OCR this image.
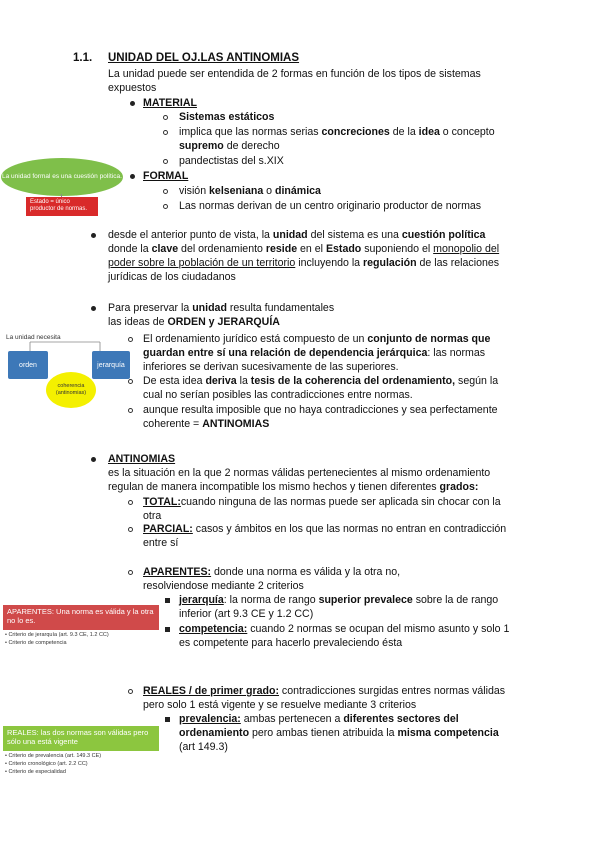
1.1. UNIDAD DEL OJ.LAS ANTINOMIAS
La unidad puede ser entendida de 2 formas en función de los tipos de sistemas
expuestos
MATERIAL
Sistemas estáticos
implica que las normas serias concreciones de la idea o concepto
supremo de derecho
pandectistas del s.XIX
FORMAL
visión kelseniana o dinámica
Las normas derivan de un centro originario productor de normas
La unidad formal es una cuestión política.
Estado = único productor de normas.
desde el anterior punto de vista, la unidad del sistema es una cuestión política
donde la clave del ordenamiento reside en el Estado suponiendo el monopolio del
poder sobre la población de un territorio incluyendo la regulación de las relaciones
jurídicas de los ciudadanos
Para preservar la unidad resulta fundamentales
las ideas de ORDEN y JERARQUÍA
El ordenamiento jurídico está compuesto de un conjunto de normas que
guardan entre sí una relación de dependencia jerárquica: las normas
inferiores se derivan sucesivamente de las superiores.
De esta idea deriva la tesis de la coherencia del ordenamiento, según la
cual no serían posibles las contradicciones entre normas.
aunque resulta imposible que no haya contradicciones y sea perfectamente
coherente = ANTINOMIAS
La unidad necesita
orden	jerarquía
coherencia (antinomias)
ANTINOMIAS
es la situación en la que 2 normas válidas pertenecientes al mismo ordenamiento
regulan de manera incompatible los mismo hechos y tienen diferentes grados:
TOTAL:cuando ninguna de las normas puede ser aplicada sin chocar con la
otra
PARCIAL: casos y ámbitos en los que las normas no entran en contradicción
entre sí
APARENTES: donde una norma es válida y la otra no,
resolviendose mediante 2 criterios
jerarquía: la norma de rango superior prevalece sobre la de rango
inferior (art 9.3 CE y 1.2 CC)
competencia: cuando 2 normas se ocupan del mismo asunto y solo 1
es competente para hacerlo prevaleciendo ésta
APARENTES: Una norma es válida y la otra no lo es.
• Criterio de jerarquía (art. 9.3 CE, 1.2 CC)
• Criterio de competencia
REALES / de primer grado: contradicciones surgidas entres normas válidas
pero solo 1 está vigente y se resuelve mediante 3 criterios
prevalencia: ambas pertenecen a diferentes sectores del
ordenamiento pero ambas tienen atribuida la misma competencia
(art 149.3)
REALES: las dos normas son válidas pero sólo una está vigente
• Criterio de prevalencia (art. 149.3 CE)
• Criterio cronológico (art. 2.2 CC)
• Criterio de especialidad
